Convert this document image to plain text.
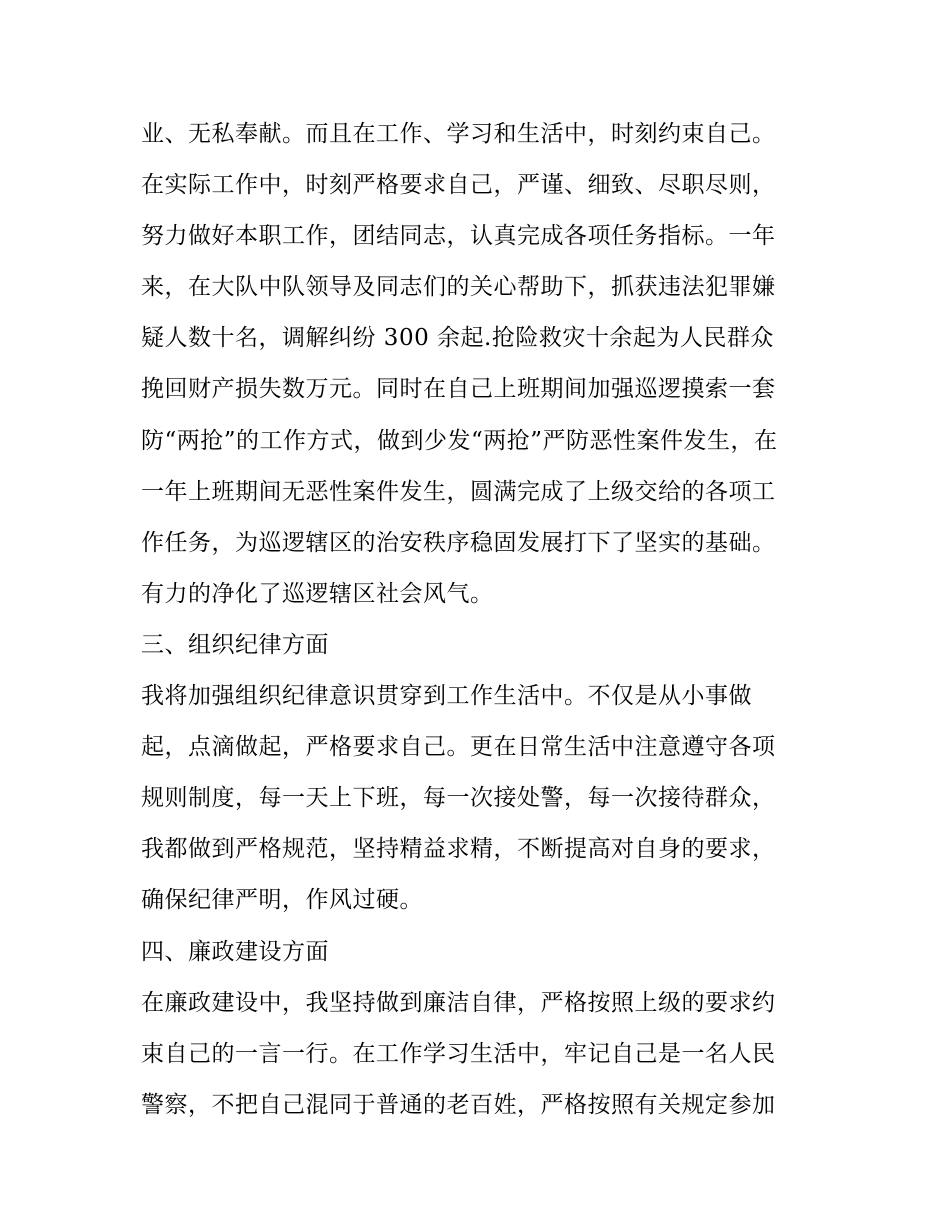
业、无私奉献。而且在工作、学习和生活中，时刻约束自己。
在实际工作中，时刻严格要求自己，严谨、细致、尽职尽则，
努力做好本职工作，团结同志，认真完成各项任务指标。一年
来，在大队中队领导及同志们的关心帮助下，抓获违法犯罪嫌
疑人数十名，调解纠纷 300 余起.抢险救灾十余起为人民群众
挽回财产损失数万元。同时在自己上班期间加强巡逻摸索一套
防“两抢”的工作方式，做到少发“两抢”严防恶性案件发生，在
一年上班期间无恶性案件发生，圆满完成了上级交给的各项工
作任务，为巡逻辖区的治安秩序稳固发展打下了坚实的基础。
有力的净化了巡逻辖区社会风气。
三、组织纪律方面
我将加强组织纪律意识贯穿到工作生活中。不仅是从小事做
起，点滴做起，严格要求自己。更在日常生活中注意遵守各项
规则制度，每一天上下班，每一次接处警，每一次接待群众，
我都做到严格规范，坚持精益求精，不断提高对自身的要求，
确保纪律严明，作风过硬。
四、廉政建设方面
在廉政建设中，我坚持做到廉洁自律，严格按照上级的要求约
束自己的一言一行。在工作学习生活中，牢记自己是一名人民
警察，不把自己混同于普通的老百姓，严格按照有关规定参加
